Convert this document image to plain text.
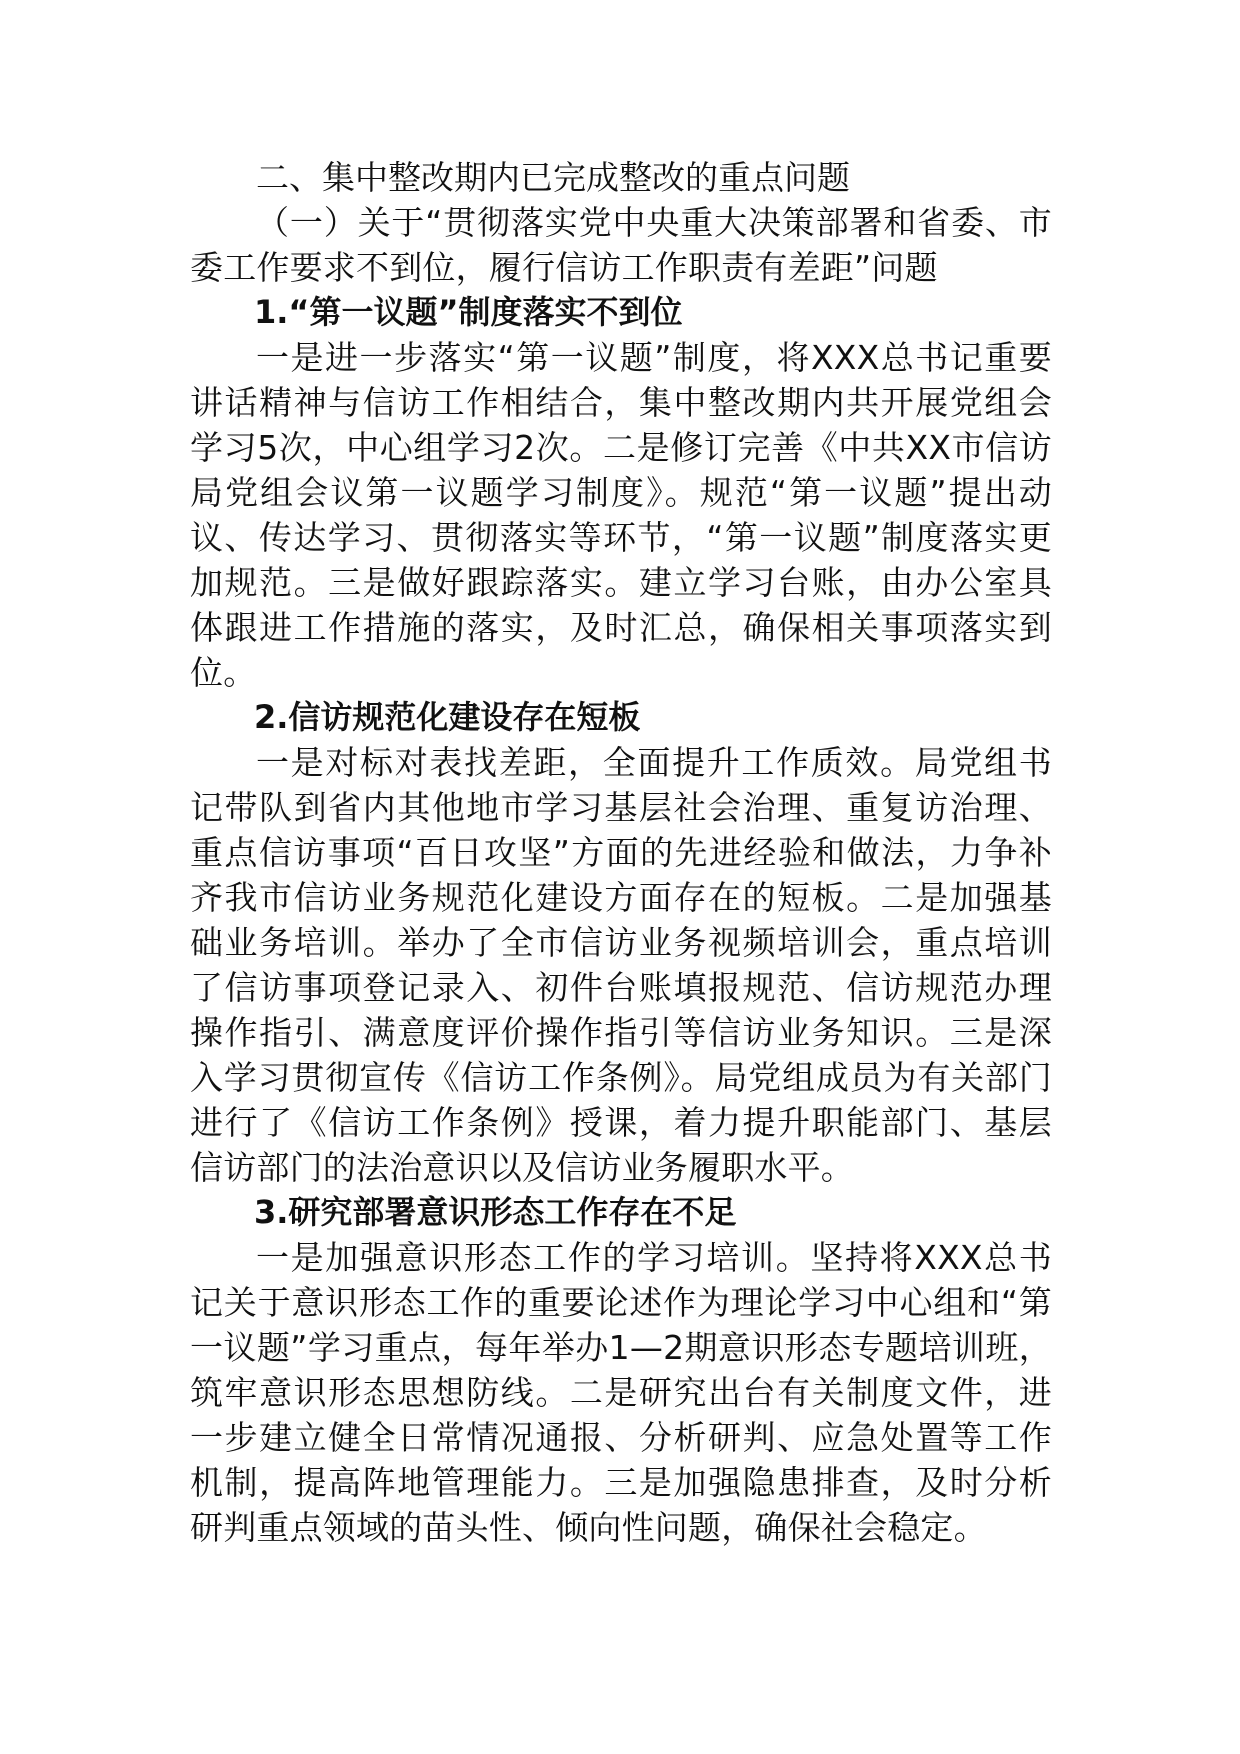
二、集中整改期内已完成整改的重点问题

（一）关于“贯彻落实党中央重大决策部署和省委、市委工作要求不到位，履行信访工作职责有差距”问题

1.“第一议题”制度落实不到位

一是进一步落实“第一议题”制度，将XXX总书记重要讲话精神与信访工作相结合，集中整改期内共开展党组会学习5次，中心组学习2次。二是修订完善《中共XX市信访局党组会议第一议题学习制度》。规范“第一议题”提出动议、传达学习、贯彻落实等环节，“第一议题”制度落实更加规范。三是做好跟踪落实。建立学习台账，由办公室具体跟进工作措施的落实，及时汇总，确保相关事项落实到位。

2.信访规范化建设存在短板

一是对标对表找差距，全面提升工作质效。局党组书记带队到省内其他地市学习基层社会治理、重复访治理、重点信访事项“百日攻坚”方面的先进经验和做法，力争补齐我市信访业务规范化建设方面存在的短板。二是加强基础业务培训。举办了全市信访业务视频培训会，重点培训了信访事项登记录入、初件台账填报规范、信访规范办理操作指引、满意度评价操作指引等信访业务知识。三是深入学习贯彻宣传《信访工作条例》。局党组成员为有关部门进行了《信访工作条例》授课，着力提升职能部门、基层信访部门的法治意识以及信访业务履职水平。

3.研究部署意识形态工作存在不足

一是加强意识形态工作的学习培训。坚持将XXX总书记关于意识形态工作的重要论述作为理论学习中心组和“第一议题”学习重点，每年举办1—2期意识形态专题培训班，筑牢意识形态思想防线。二是研究出台有关制度文件，进一步建立健全日常情况通报、分析研判、应急处置等工作机制，提高阵地管理能力。三是加强隐患排查，及时分析研判重点领域的苗头性、倾向性问题，确保社会稳定。
